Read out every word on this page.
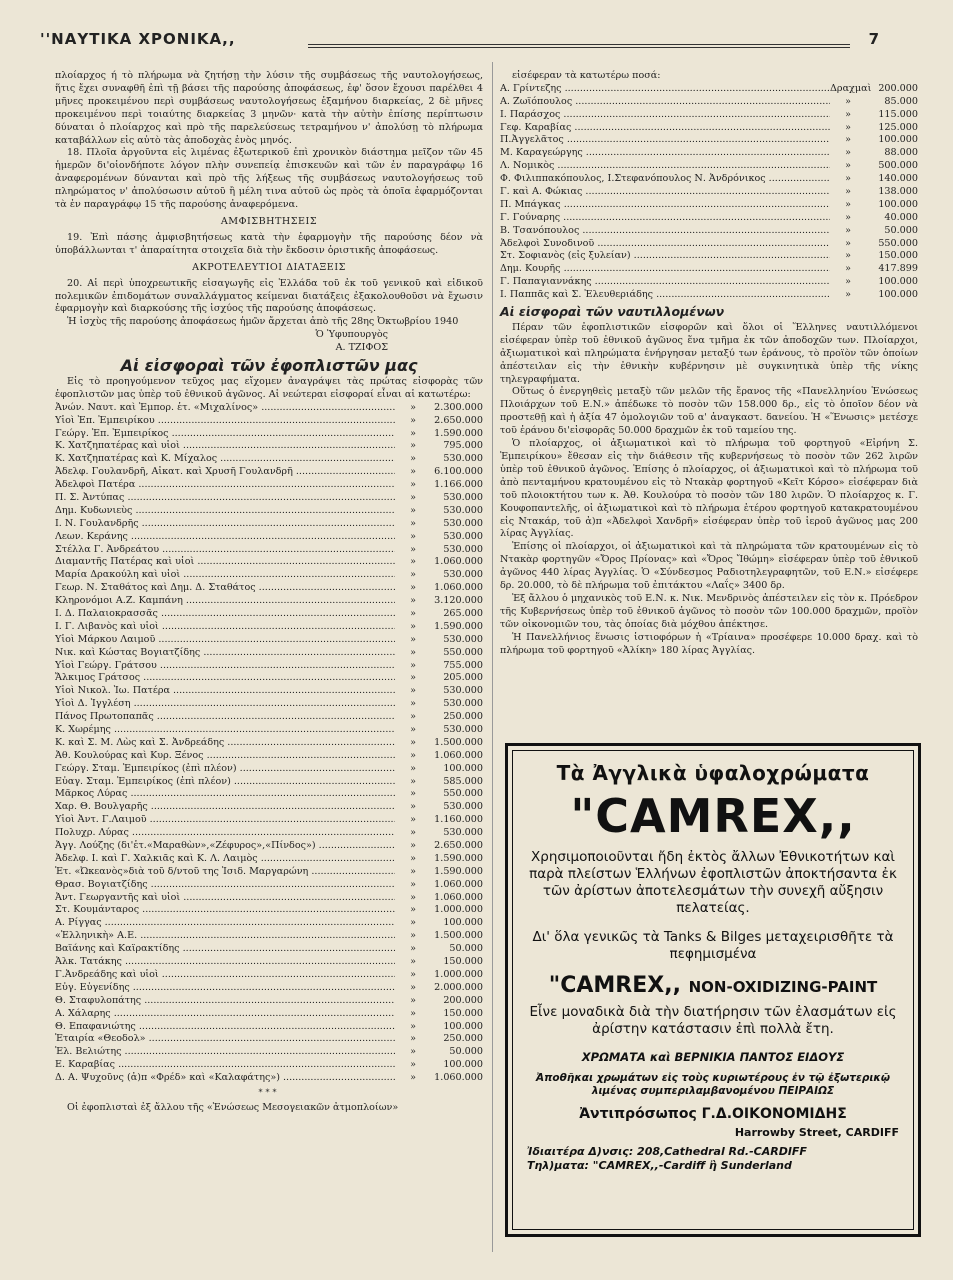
''ΝΑΥΤΙΚΑ ΧΡΟΝΙΚΑ,,	7

πλοίαρχος ή τὸ πλήρωμα νὰ ζητήσῃ τὴν λύσιν τῆς συμβάσεως τῆς ναυτολογήσεως, ἥτις ἔχει συναφθῆ ἐπὶ τῇ βάσει τῆς παρούσης ἀποφάσεως, ἐφ' ὅσον ἔχουσι παρέλθει 4 μῆνες προκειμένου περὶ συμβάσεως ναυτολογήσεως ἑξαμήνου διαρκείας, 2 δὲ μῆνες προκειμένου περὶ τοιαύτης διαρκείας 3 μηνῶν· κατὰ τὴν αὐτὴν ἐπίσης περίπτωσιν δύναται ὁ πλοίαρχος καὶ πρὸ τῆς παρελεύσεως τετραμήνου ν' ἀπολύσῃ τὸ πλήρωμα καταβάλλων εἰς αὐτὸ τὰς ἀποδοχὰς ἑνὸς μηνός.

18. Πλοῖα ἀργοῦντα εἰς λιμένας ἐξωτερικοῦ ἐπὶ χρονικὸν διάστημα μεῖζον τῶν 45 ἡμερῶν δι'οἱονδήποτε λόγον πλὴν συνεπείᾳ ἐπισκευῶν καὶ τῶν ἐν παραγράφῳ 16 ἀναφερομένων δύνανται καὶ πρὸ τῆς λήξεως τῆς συμβάσεως ναυτολογήσεως τοῦ πληρώματος ν' ἀπολύσωσιν αὐτοῦ ἢ μέλη τινα αὐτοῦ ὡς πρὸς τὰ ὁποῖα ἐφαρμόζονται τὰ ἐν παραγράφῳ 15 τῆς παρούσης ἀναφερόμενα.

ΑΜΦΙΣΒΗΤΗΣΕΙΣ

19. Ἐπὶ πάσης ἀμφισβητήσεως κατὰ τὴν ἐφαρμογὴν τῆς παρούσης δέον νὰ ὑποβάλλωνται τ' ἀπαραίτητα στοιχεῖα διὰ τὴν ἔκδοσιν ὁριστικῆς ἀποφάσεως.

ΑΚΡΟΤΕΛΕΥΤΙΟΙ ΔΙΑΤΑΞΕΙΣ

20. Αἱ περὶ ὑποχρεωτικῆς εἰσαγωγῆς εἰς Ἑλλάδα τοῦ ἐκ τοῦ γενικοῦ καὶ εἰδικοῦ πολεμικῶν ἐπιδομάτων συναλλάγματος κείμεναι διατάξεις ἐξακολουθοῦσι νὰ ἔχωσιν ἐφαρμογὴν καὶ διαρκούσης τῆς ἰσχύος τῆς παρούσης ἀποφάσεως.

Ἡ ἰσχὺς τῆς παρούσης ἀποφάσεως ἡμῶν ἄρχεται ἀπὸ τῆς 28ης Ὀκτωβρίου 1940

Ὁ Ὑφυπουργὸς
Α. ΤΖΙΦΟΣ
Αἱ εἰσφοραὶ τῶν ἐφοπλιστῶν μας

Εἰς τὸ προηγούμενον τεῦχος μας εἴχομεν ἀναγράψει τὰς πρώτας εἰσφορὰς τῶν ἐφοπλιστῶν μας ὑπὲρ τοῦ ἐθνικοῦ ἀγῶνος. Αἱ νεώτεραι εἰσφοραί εἶναι αἱ κατωτέρω:

Ἀνών. Ναυτ. καὶ Ἐμπορ. ἑτ. «Μιχαλίνος» .....	»	2.300.000
Υἱοὶ Ἐπ. Ἐμπειρίκου .....	»	2.650.000
Γεώργ. Ἐπ. Ἐμπειρίκος .....	»	1.590.000
Κ. Χατζηπατέρας καὶ υἱοὶ .....	»	795.000
Κ. Χατζηπατέρας καὶ Κ. Μίχαλος .....	»	530.000
Ἀδελφ. Γουλανδρῆ, Αἰκατ. καὶ Χρυσῆ Γουλανδρῆ .....	»	6.100.000
Ἀδελφοὶ Πατέρα .....	»	1.166.000
Π. Σ. Ἀντύπας .....	»	530.000
Δημ. Κυδωνιεὺς .....	»	530.000
Ι. Ν. Γουλανδρῆς .....	»	530.000
Λεων. Κεράνης .....	»	530.000
Στέλλα Γ. Ἀνδρεάτου .....	»	530.000
Διαμαντῆς Πατέρας καὶ υἱοὶ .....	»	1.060.000
Μαρία Δρακούλη καὶ υἱοὶ .....	»	530.000
Γεωρ. Ν. Σταθάτος καὶ Δημ. Δ. Σταθάτος .....	»	1.060.000
Κληρονόμοι Α.Ζ. Καμπάνη .....	»	3.120.000
Ι. Δ. Παλαιοκρασσᾶς .....	»	265.000
Ι. Γ. Λιβανὸς καὶ υἱοὶ .....	»	1.590.000
Υἱοὶ Μάρκου Λαιμοῦ .....	»	530.000
Νικ. καὶ Κώστας Βογιατζίδης .....	»	550.000
Υἱοὶ Γεώργ. Γράτσου .....	»	755.000
Ἄλκιμος Γράτσος .....	»	205.000
Υἱοὶ Νικολ. Ἰω. Πατέρα .....	»	530.000
Υἱοὶ Δ. Ἰγγλέση .....	»	530.000
Πάνος Πρωτοπαπᾶς .....	»	250.000
Κ. Χωρέμης .....	»	530.000
Κ. καὶ Σ. Μ. Λὼς καὶ Σ. Ἀνδρεάδης .....	»	1.500.000
Ἀθ. Κουλούρας καὶ Κυρ. Ξένος .....	»	1.060.000
Γεώργ. Σταμ. Ἐμπειρίκος (ἐπὶ πλέον) .....	»	100.000
Εὐαγ. Σταμ. Ἐμπειρίκος (ἐπὶ πλέον) .....	»	585.000
Μᾶρκος Λύρας .....	»	550.000
Χαρ. Θ. Βουλγαρῆς .....	»	530.000
Υἱοὶ Ἀντ. Γ.Λαιμοῦ .....	»	1.160.000
Πολυχρ. Λύρας .....	»	530.000
Ἀγγ. Λούζης (δι'ἑτ.«Μαραθὼν»,«Ζέφυρος»,«Πίνδος») .....	»	2.650.000
Ἀδελφ. Ι. καὶ Γ. Χαλκιᾶς καὶ Κ. Λ. Λαιμὸς .....	»	1.590.000
Ἑτ. «Ὠκεανὸς»διὰ τοῦ δ/ντοῦ της Ἰσιδ. Μαργαρώνη .....	»	1.590.000
Θρασ. Βογιατζίδης .....	»	1.060.000
Ἀντ. Γεωργαντῆς καὶ υἱοὶ .....	»	1.060.000
Στ. Κουμάνταρος .....	»	1.000.000
Α. Ρίγγας .....	»	100.000
«Ἑλληνικὴ» Α.Ε. .....	»	1.500.000
Βαϊάνης καὶ Καϊρακτίδης .....	»	50.000
Ἀλκ. Τατάκης .....	»	150.000
Γ.Ἀνδρεάδης καὶ υἱοὶ .....	»	1.000.000
Εὐγ. Εὐγενίδης .....	»	2.000.000
Θ. Σταφυλοπάτης .....	»	200.000
Α. Χάλαρης .....	»	150.000
Θ. Επαφανιώτης .....	»	100.000
Ἑταιρία «Θεοδολ» .....	»	250.000
Ἐλ. Βελιώτης .....	»	50.000
Ε. Καραβίας .....	»	100.000
Δ. Α. Ψυχοῦνς (ἀ)π «Φρέδ» καὶ «Καλαφάτης») .....	»	1.060.000
***

Οἱ ἐφοπλισταὶ ἐξ ἄλλου τῆς «Ἑνώσεως Μεσογειακῶν ἀτμοπλοίων»

εἰσέφεραν τὰ κατωτέρω ποσά:

Α. Γρίντεζης .....	Δραχμαὶ 200.000
Α. Ζωϊόπουλος .....	»	85.000
Ι. Παράσχος .....	»	115.000
Γεφ. Καραβίας .....	»	125.000
Π.Ἀγγελᾶτος .....	»	100.000
Μ. Καραγεώργης .....	»	88.000
Λ. Νομικὸς .....	»	500.000
Φ. Φιλιππακόπουλος, Ι.Στεφανόπουλος Ν. Ἀνδρόνικος .....	»	140.000
Γ. καὶ Α. Φώκιας .....	»	138.000
Π. Μπάγκας .....	»	100.000
Γ. Γούναρης .....	»	40.000
Β. Τσανόπουλος .....	»	50.000
Ἀδελφοὶ Συνοδινοῦ .....	»	550.000
Στ. Σοφιανὸς (εἰς ξυλείαν) .....	»	150.000
Δημ. Κουρῆς .....	»	417.899
Γ. Παπαγιαννάκης .....	»	100.000
Ι. Παππᾶς καὶ Σ. Ἐλευθεριάδης .....	»	100.000
Αἱ εἰσφοραὶ τῶν ναυτιλλομένων

Πέραν τῶν ἐφοπλιστικῶν εἰσφορῶν καὶ ὅλοι οἱ Ἕλληνες ναυτιλλόμενοι εἰσέφεραν ὑπὲρ τοῦ ἐθνικοῦ ἀγῶνος ἕνα τμῆμα ἐκ τῶν ἀποδοχῶν των. Πλοίαρχοι, ἀξιωματικοὶ καὶ πληρώματα ἐνήργησαν μεταξύ των ἐράνους, τὸ προϊὸν τῶν ὁποίων ἀπέστειλαν εἰς τὴν ἐθνικὴν κυβέρνησιν μὲ συγκινητικὰ ὑπὲρ τῆς νίκης τηλεγραφήματα.

Οὕτως ὁ ἐνεργηθεὶς μεταξὺ τῶν μελῶν τῆς ἔρανος τῆς «Πανελληνίου Ἑνώσεως Πλοιάρχων τοῦ Ε.Ν.» ἀπέδωκε τὸ ποσὸν τῶν 158.000 δρ., εἰς τὸ ὁποῖον δέον νὰ προστεθῇ καὶ ἡ ἀξία 47 ὁμολογιῶν τοῦ α' ἀναγκαστ. δανείου. Ἡ «Ἕνωσις» μετέσχε τοῦ ἐράνου δι'εἰσφορᾶς 50.000 δραχμῶν ἐκ τοῦ ταμείου της.

Ὁ πλοίαρχος, οἱ ἀξιωματικοὶ καὶ τὸ πλήρωμα τοῦ φορτηγοῦ «Εἰρήνη Σ. Ἐμπειρίκου» ἔθεσαν εἰς τὴν διάθεσιν τῆς κυβερνήσεως τὸ ποσὸν τῶν 262 λιρῶν ὑπὲρ τοῦ ἐθνικοῦ ἀγῶνος. Ἐπίσης ὁ πλοίαρχος, οἱ ἀξιωματικοὶ καὶ τὸ πλήρωμα τοῦ ἀπὸ πενταμήνου κρατουμένου εἰς τὸ Ντακὰρ φορτηγοῦ «Κεῖτ Κόρσο» εἰσέφεραν διὰ τοῦ πλοιοκτήτου των κ. Ἀθ. Κουλούρα τὸ ποσὸν τῶν 180 λιρῶν. Ὁ πλοίαρχος κ. Γ. Κουφοπαντελῆς, οἱ ἀξιωματικοὶ καὶ τὸ πλήρωμα ἑτέρου φορτηγοῦ κατακρατουμένου εἰς Ντακάρ, τοῦ ἀ)π «Ἀδελφοὶ Χανδρῆ» εἰσέφεραν ὑπὲρ τοῦ ἱεροῦ ἀγῶνος μας 200 λίρας Ἀγγλίας.

Ἐπίσης οἱ πλοίαρχοι, οἱ ἀξιωματικοὶ καὶ τὰ πληρώματα τῶν κρατουμένων εἰς τὸ Ντακὰρ φορτηγῶν «Ὄρος Πρίονας» καὶ «Ὄρος Ἴθώμη» εἰσέφεραν ὑπὲρ τοῦ ἐθνικοῦ ἀγῶνος 440 λίρας Ἀγγλίας. Ὁ «Σύνδεσμος Ραδιοτηλεγραφητῶν, τοῦ Ε.Ν.» εἰσέφερε δρ. 20.000, τὸ δὲ πλήρωμα τοῦ ἐπιτάκτου «Λαΐς» 3400 δρ.

Ἐξ ἄλλου ὁ μηχανικὸς τοῦ Ε.Ν. κ. Νικ. Μενδρινὸς ἀπέστειλεν εἰς τὸν κ. Πρόεδρον τῆς Κυβερνήσεως ὑπὲρ τοῦ ἐθνικοῦ ἀγῶνος τὸ ποσὸν τῶν 100.000 δραχμῶν, προϊὸν τῶν οἰκονομιῶν του, τὰς ὁποίας διὰ μόχθου ἀπέκτησε.

Ἡ Πανελλήνιος ἕνωσις ἱστιοφόρων ἡ «Τρίαινα» προσέφερε 10.000 δραχ. καὶ τὸ πλήρωμα τοῦ φορτηγοῦ «Ἀλίκη» 180 λίρας Ἀγγλίας.

Τὰ Ἀγγλικὰ ὑφαλοχρώματα
"CAMREX,,
Χρησιμοποιοῦνται ἤδη ἐκτὸς ἄλλων Ἐθνικοτήτων καὶ παρὰ πλείστων Ἑλλήνων ἐφοπλιστῶν ἀποκτήσαντα ἐκ τῶν ἀρίστων ἀποτελεσμάτων τὴν συνεχῆ αὔξησιν πελατείας.
Δι' ὅλα γενικῶς τὰ Tanks & Bilges μεταχειρισθῆτε τὰ πεφημισμένα
"CAMREX,, NON-OXIDIZING-PAINT
Εἶνε μοναδικὰ διὰ τὴν διατήρησιν τῶν ἐλασμάτων εἰς ἀρίστην κατάστασιν ἐπὶ πολλὰ ἔτη.
ΧΡΩΜΑΤΑ καὶ ΒΕΡΝΙΚΙΑ ΠΑΝΤΟΣ ΕΙΔΟΥΣ
Ἀποθῆκαι χρωμάτων εἰς τοὺς κυριωτέρους ἐν τῷ ἐξωτερικῷ λιμένας συμπεριλαμβανομένου ΠΕΙΡΑΙΩΣ
Ἀντιπρόσωπος Γ.Δ.ΟΙΚΟΝΟΜΙΔΗΣ
Harrowby Street, CARDIFF
Ἰδιαιτέρα Δ)νσις: 208,Cathedral Rd.-CARDIFF
Τηλ)ματα: "CAMREX,,-Cardiff ἢ Sunderland
